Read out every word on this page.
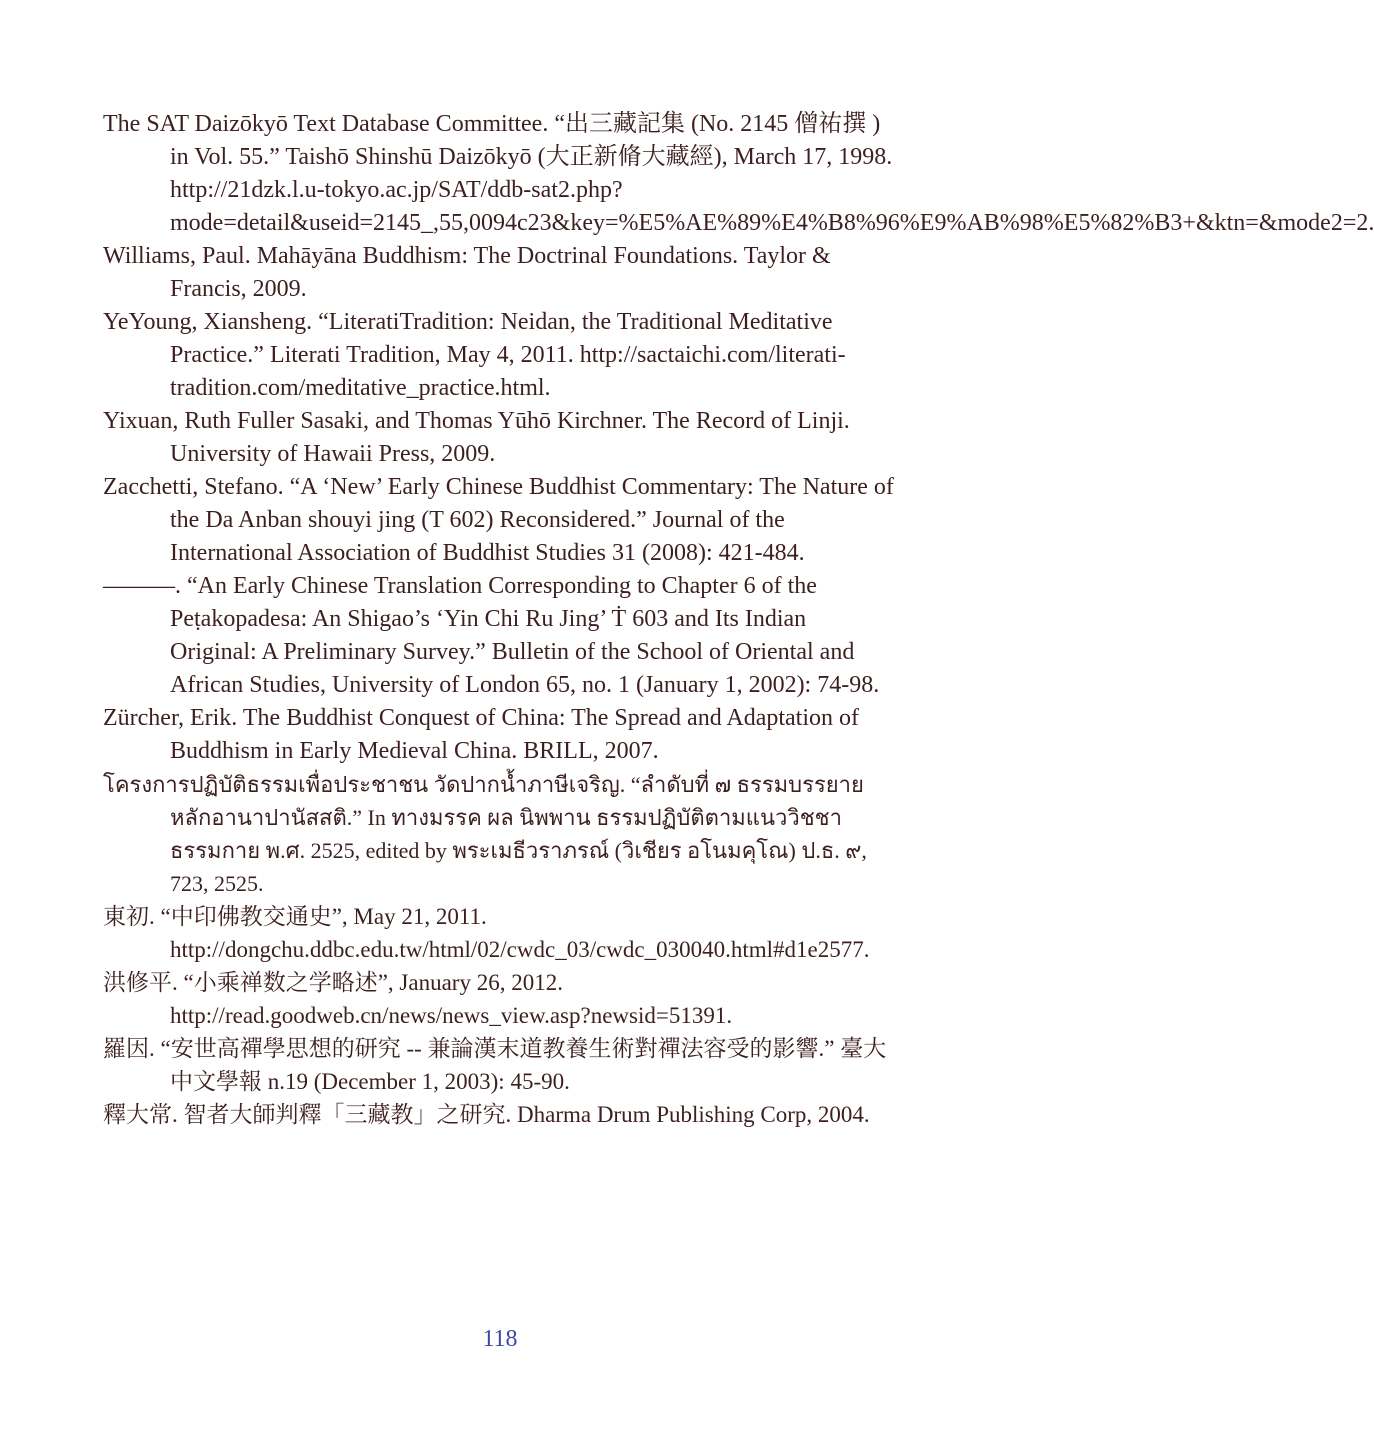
The SAT Daizōkyō Text Database Committee. “出三藏記集 (No. 2145 僧祐撰 ) in Vol. 55.” Taishō Shinshū Daizōkyō (大正新脩大藏經), March 17, 1998. http://21dzk.l.u-tokyo.ac.jp/SAT/ddb-sat2.php?mode=detail&useid=2145_,55,0094c23&key=%E5%AE%89%E4%B8%96%E9%AB%98%E5%82%B3+&ktn=&mode2=2.

Williams, Paul. Mahāyāna Buddhism: The Doctrinal Foundations. Taylor & Francis, 2009.

YeYoung, Xiansheng. “LiteratiTradition: Neidan, the Traditional Meditative Practice.” Literati Tradition, May 4, 2011. http://sactaichi.com/literati-tradition.com/meditative_practice.html.

Yixuan, Ruth Fuller Sasaki, and Thomas Yūhō Kirchner. The Record of Linji. University of Hawaii Press, 2009.

Zacchetti, Stefano. “A ‘New’ Early Chinese Buddhist Commentary: The Nature of the Da Anban shouyi jing (T 602) Reconsidered.” Journal of the International Association of Buddhist Studies 31 (2008): 421-484.

———. “An Early Chinese Translation Corresponding to Chapter 6 of the Peṭakopadesa: An Shigao’s ‘Yin Chi Ru Jing’ Ṫ 603 and Its Indian Original: A Preliminary Survey.” Bulletin of the School of Oriental and African Studies, University of London 65, no. 1 (January 1, 2002): 74-98.

Zürcher, Erik. The Buddhist Conquest of China: The Spread and Adaptation of Buddhism in Early Medieval China. BRILL, 2007.

โครงการปฏิบัติธรรมเพื่อประชาชน วัดปากน้ำภาษีเจริญ. “ลำดับที่ ๗ ธรรมบรรยาย หลักอานาปานัสสติ.” In ทางมรรค ผล นิพพาน ธรรมปฏิบัติตามแนววิชชาธรรมกาย พ.ศ. 2525, edited by พระเมธีวราภรณ์ (วิเชียร อโนมคุโณ) ป.ธ. ๙, 723, 2525.

東初. “中印佛教交通史”, May 21, 2011. http://dongchu.ddbc.edu.tw/html/02/cwdc_03/cwdc_030040.html#d1e2577.

洪修平. “小乘禅数之学略述”, January 26, 2012. http://read.goodweb.cn/news/news_view.asp?newsid=51391.

羅因. “安世高禪學思想的研究 -- 兼論漢末道教養生術對禪法容受的影響.” 臺大中文學報 n.19 (December 1, 2003): 45-90.

釋大常. 智者大師判釋「三藏教」之研究. Dharma Drum Publishing Corp, 2004.

118
